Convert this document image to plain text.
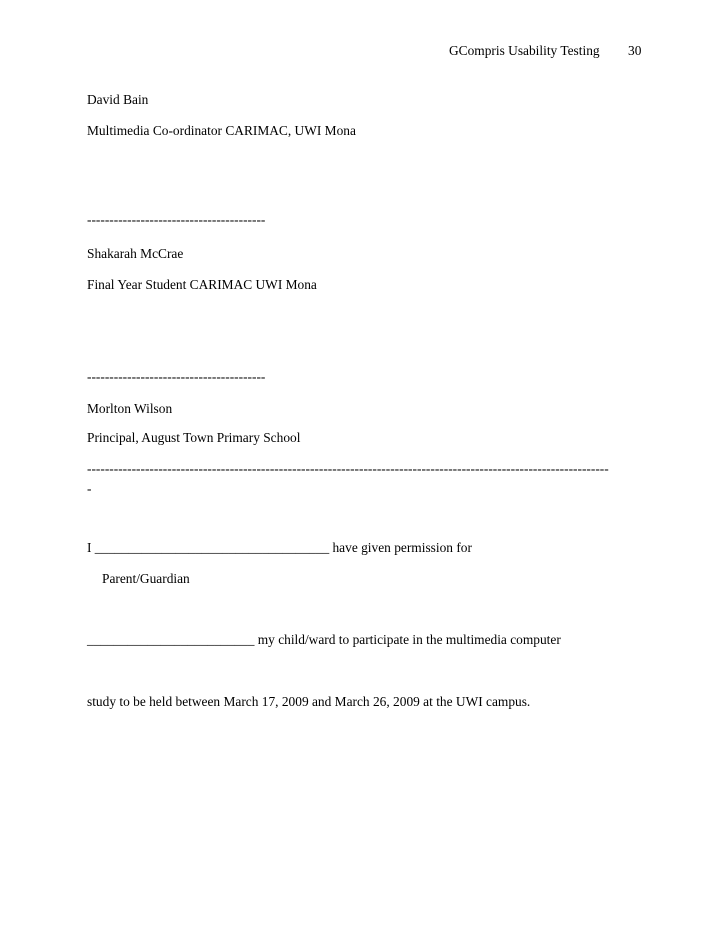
GCompris Usability Testing 30
David Bain
Multimedia Co-ordinator CARIMAC, UWI Mona
----------------------------------------
Shakarah McCrae
Final Year Student CARIMAC UWI Mona
----------------------------------------
Morlton Wilson
Principal, August Town Primary School
---------------------------------------------------------------------------------------------------------------------
-
I ___________________________________ have given permission for
Parent/Guardian
_________________________ my child/ward to participate in the multimedia computer
study to be held between March 17, 2009 and March 26, 2009 at the UWI campus.
